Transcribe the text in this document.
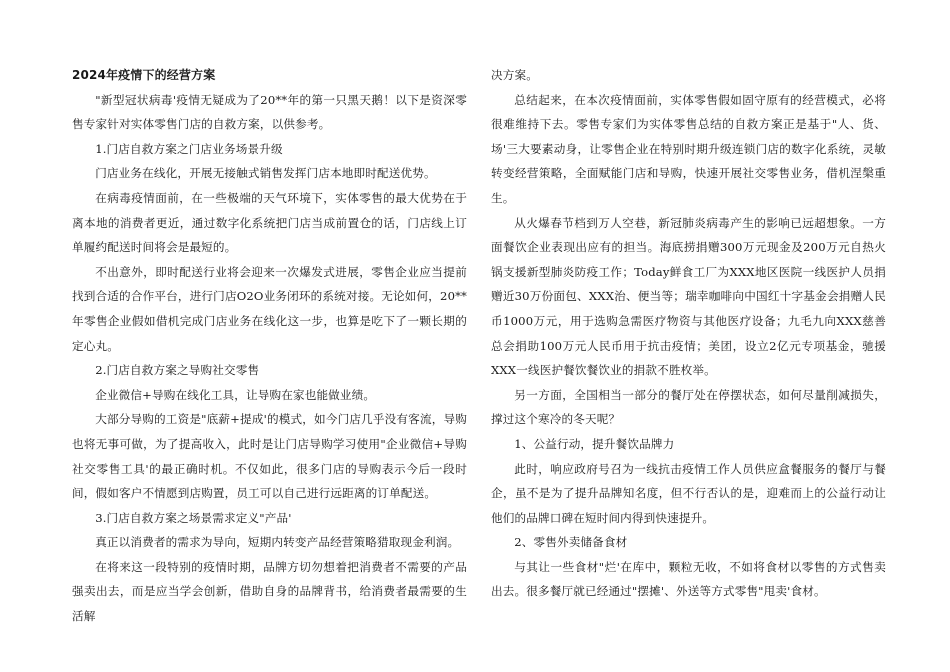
2024年疫情下的经营方案

"新型冠状病毒'疫情无疑成为了20**年的第一只黑天鹅！以下是资深零售专家针对实体零售门店的自救方案，以供参考。

1.门店自救方案之门店业务场景升级

门店业务在线化，开展无接触式销售发挥门店本地即时配送优势。

在病毒疫情面前，在一些极端的天气环境下，实体零售的最大优势在于离本地的消费者更近，通过数字化系统把门店当成前置仓的话，门店线上订单履约配送时间将会是最短的。

不出意外，即时配送行业将会迎来一次爆发式进展，零售企业应当提前找到合适的合作平台，进行门店O2O业务闭环的系统对接。无论如何，20**年零售企业假如借机完成门店业务在线化这一步，也算是吃下了一颗长期的定心丸。

2.门店自救方案之导购社交零售

企业微信+导购在线化工具，让导购在家也能做业绩。

大部分导购的工资是"底薪+提成'的模式，如今门店几乎没有客流，导购也将无事可做，为了提高收入，此时是让门店导购学习使用"企业微信+导购社交零售工具'的最正确时机。不仅如此，很多门店的导购表示今后一段时间，假如客户不情愿到店购置，员工可以自己进行远距离的订单配送。

3.门店自救方案之场景需求定义"产品'

真正以消费者的需求为导向，短期内转变产品经营策略猎取现金利润。

在将来这一段特别的疫情时期，品牌方切勿想着把消费者不需要的产品强卖出去，而是应当学会创新，借助自身的品牌背书，给消费者最需要的生活解

决方案。

总结起来，在本次疫情面前，实体零售假如固守原有的经营模式，必将很难维持下去。零售专家们为实体零售总结的自救方案正是基于"人、货、场'三大要素动身，让零售企业在特别时期升级连锁门店的数字化系统，灵敏转变经营策略，全面赋能门店和导购，快速开展社交零售业务，借机涅槃重生。

从火爆春节档到万人空巷，新冠肺炎病毒产生的影响已远超想象。一方面餐饮企业表现出应有的担当。海底捞捐赠300万元现金及200万元自热火锅支援新型肺炎防疫工作；Today鲜食工厂为XXX地区医院一线医护人员捐赠近30万份面包、XXX治、便当等；瑞幸咖啡向中国红十字基金会捐赠人民币1000万元，用于选购急需医疗物资与其他医疗设备；九毛九向XXX慈善总会捐助100万元人民币用于抗击疫情；美团，设立2亿元专项基金，驰援XXX一线医护餐饮餐饮业的捐款不胜枚举。

另一方面，全国相当一部分的餐厅处在停摆状态，如何尽量削减损失，撑过这个寒冷的冬天呢？

1、公益行动，提升餐饮品牌力

此时，响应政府号召为一线抗击疫情工作人员供应盒餐服务的餐厅与餐企，虽不是为了提升品牌知名度，但不行否认的是，迎难而上的公益行动让他们的品牌口碑在短时间内得到快速提升。

2、零售外卖储备食材

与其让一些食材"烂'在库中，颗粒无收，不如将食材以零售的方式售卖出去。很多餐厅就已经通过"摆摊'、外送等方式零售"甩卖'食材。
